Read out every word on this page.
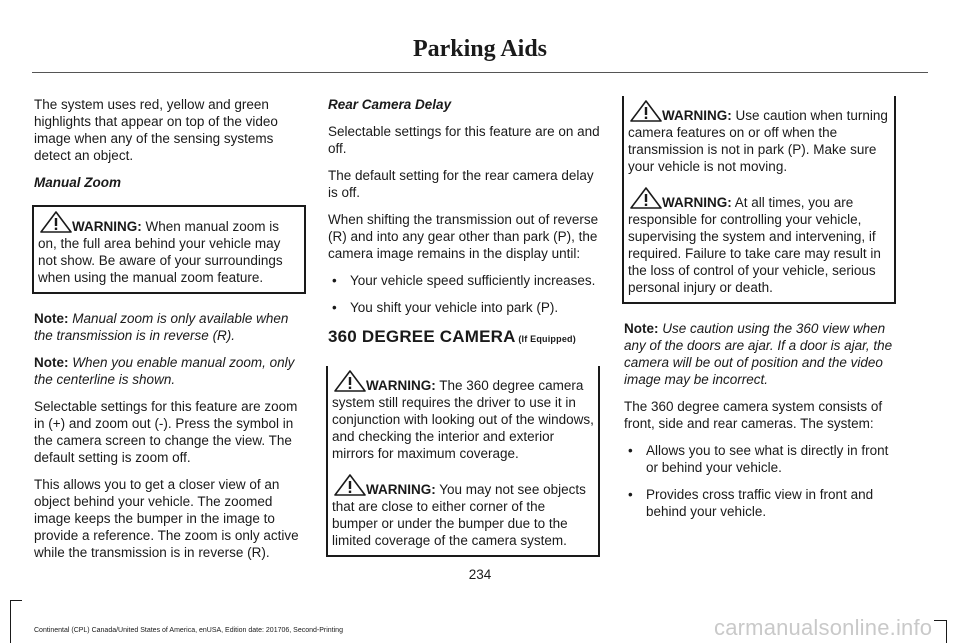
Parking Aids

The system uses red, yellow and green highlights that appear on top of the video image when any of the sensing systems detect an object.

Manual Zoom

WARNING: When manual zoom is on, the full area behind your vehicle may not show. Be aware of your surroundings when using the manual zoom feature.

Note: Manual zoom is only available when the transmission is in reverse (R).

Note: When you enable manual zoom, only the centerline is shown.

Selectable settings for this feature are zoom in (+) and zoom out (-). Press the symbol in the camera screen to change the view. The default setting is zoom off.

This allows you to get a closer view of an object behind your vehicle. The zoomed image keeps the bumper in the image to provide a reference. The zoom is only active while the transmission is in reverse (R).

Rear Camera Delay

Selectable settings for this feature are on and off.

The default setting for the rear camera delay is off.

When shifting the transmission out of reverse (R) and into any gear other than park (P), the camera image remains in the display until:

• Your vehicle speed sufficiently increases.
• You shift your vehicle into park (P).
360 DEGREE CAMERA (If Equipped)

WARNING: The 360 degree camera system still requires the driver to use it in conjunction with looking out of the windows, and checking the interior and exterior mirrors for maximum coverage.

WARNING: You may not see objects that are close to either corner of the bumper or under the bumper due to the limited coverage of the camera system.

WARNING: Use caution when turning camera features on or off when the transmission is not in park (P). Make sure your vehicle is not moving.

WARNING: At all times, you are responsible for controlling your vehicle, supervising the system and intervening, if required. Failure to take care may result in the loss of control of your vehicle, serious personal injury or death.

Note: Use caution using the 360 view when any of the doors are ajar. If a door is ajar, the camera will be out of position and the video image may be incorrect.

The 360 degree camera system consists of front, side and rear cameras. The system:

• Allows you to see what is directly in front or behind your vehicle.
• Provides cross traffic view in front and behind your vehicle.
234
Continental (CPL) Canada/United States of America, enUSA, Edition date: 201706, Second-Printing	carmanualsonline.info
